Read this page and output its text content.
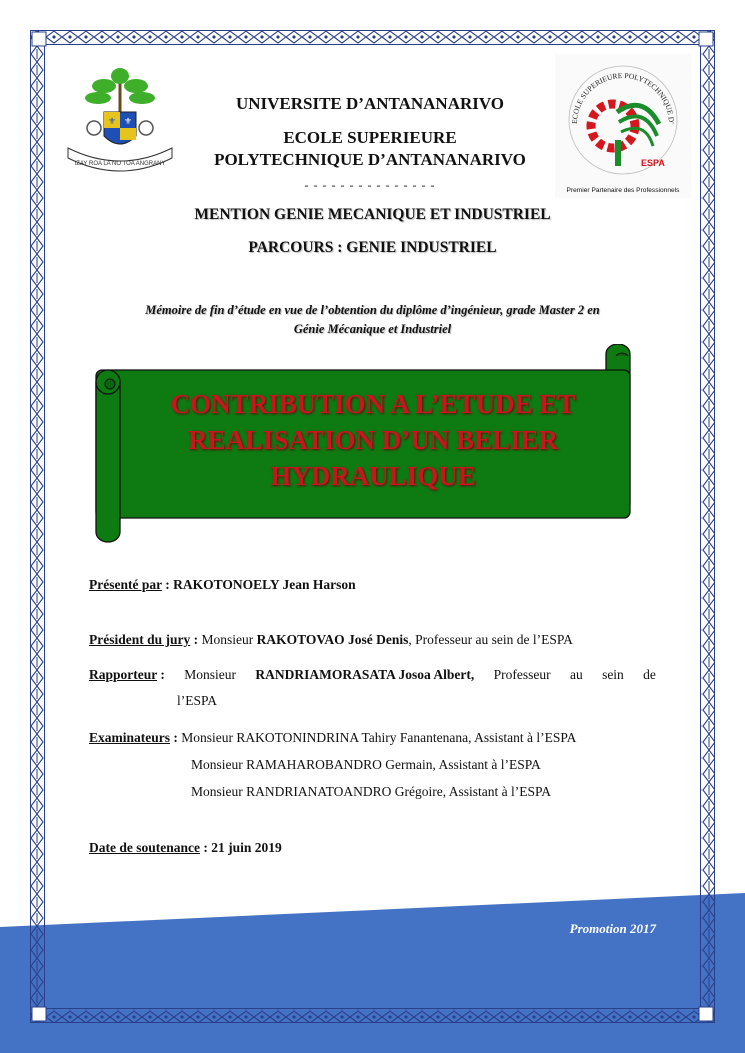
⚜ ⚜
IZAY ROA LA NO TOA ANGRANY
ECOLE SUPERIEURE POLYTECHNIQUE D'
ESPA
Premier Partenaire des Professionnels
UNIVERSITE D’ANTANANARIVO
ECOLE SUPERIEURE
POLYTECHNIQUE D’ANTANANARIVO
- - - - - - - - - - - - - - -
MENTION GENIE MECANIQUE ET INDUSTRIEL
PARCOURS : GENIE INDUSTRIEL
Mémoire de fin d’étude en vue de l’obtention du diplôme d’ingénieur, grade Master 2 en
Génie Mécanique et Industriel
CONTRIBUTION A L’ETUDE ET
REALISATION D’UN BELIER
HYDRAULIQUE
Présenté par : RAKOTONOELY Jean Harson
Président du jury : Monsieur RAKOTOVAO José Denis, Professeur au sein de l’ESPA
Rapporteur : Monsieur RANDRIAMORASATA Josoa Albert, Professeur au sein de
l’ESPA
Examinateurs : Monsieur RAKOTONINDRINA Tahiry Fanantenana, Assistant à l’ESPA
Monsieur RAMAHAROBANDRO Germain, Assistant à l’ESPA
Monsieur RANDRIANATOANDRO Grégoire, Assistant à l’ESPA
Date de soutenance : 21 juin 2019
Promotion 2017
